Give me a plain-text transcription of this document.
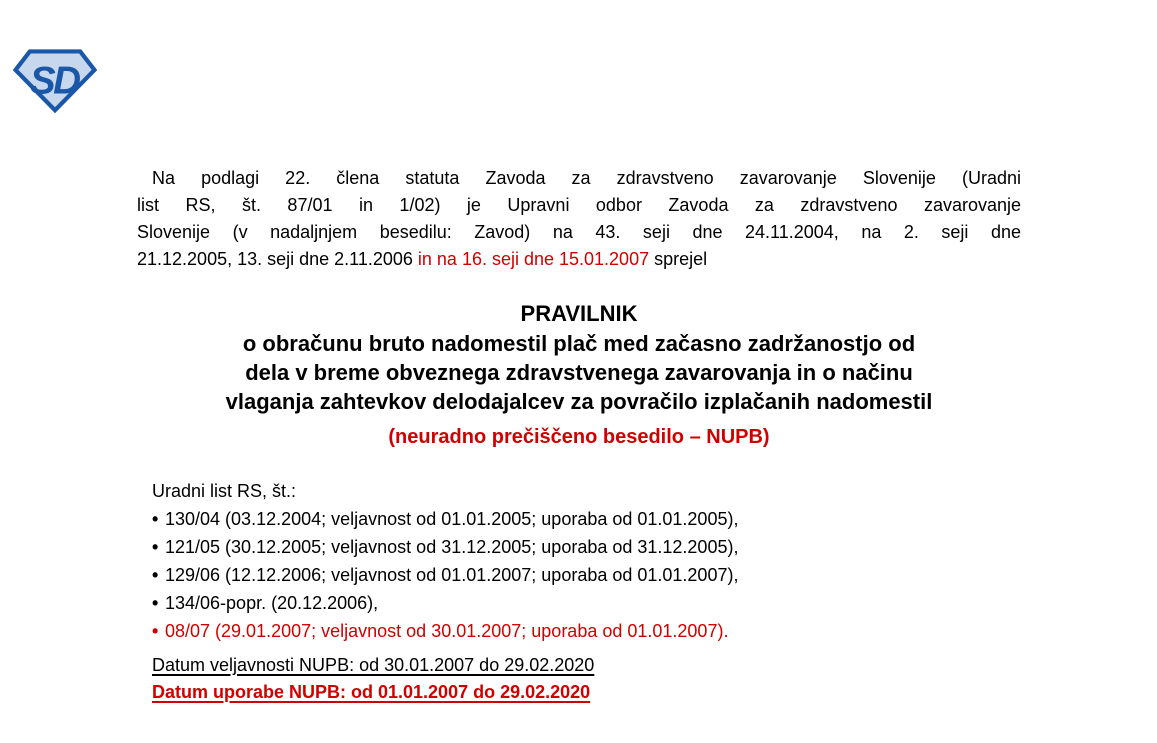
SD
Na podlagi 22. člena statuta Zavoda za zdravstveno zavarovanje Slovenije (Uradni
list RS, št. 87/01 in 1/02) je Upravni odbor Zavoda za zdravstveno zavarovanje
Slovenije (v nadaljnjem besedilu: Zavod) na 43. seji dne 24.11.2004, na 2. seji dne
21.12.2005, 13. seji dne 2.11.2006 in na 16. seji dne 15.01.2007 sprejel
PRAVILNIK
o obračunu bruto nadomestil plač med začasno zadržanostjo od
dela v breme obveznega zdravstvenega zavarovanja in o načinu
vlaganja zahtevkov delodajalcev za povračilo izplačanih nadomestil
(neuradno prečiščeno besedilo – NUPB)
Uradni list RS, št.:
• 130/04 (03.12.2004; veljavnost od 01.01.2005; uporaba od 01.01.2005),
• 121/05 (30.12.2005; veljavnost od 31.12.2005; uporaba od 31.12.2005),
• 129/06 (12.12.2006; veljavnost od 01.01.2007; uporaba od 01.01.2007),
• 134/06-popr. (20.12.2006),
• 08/07 (29.01.2007; veljavnost od 30.01.2007; uporaba od 01.01.2007).
Datum veljavnosti NUPB: od 30.01.2007 do 29.02.2020
Datum uporabe NUPB: od 01.01.2007 do 29.02.2020
